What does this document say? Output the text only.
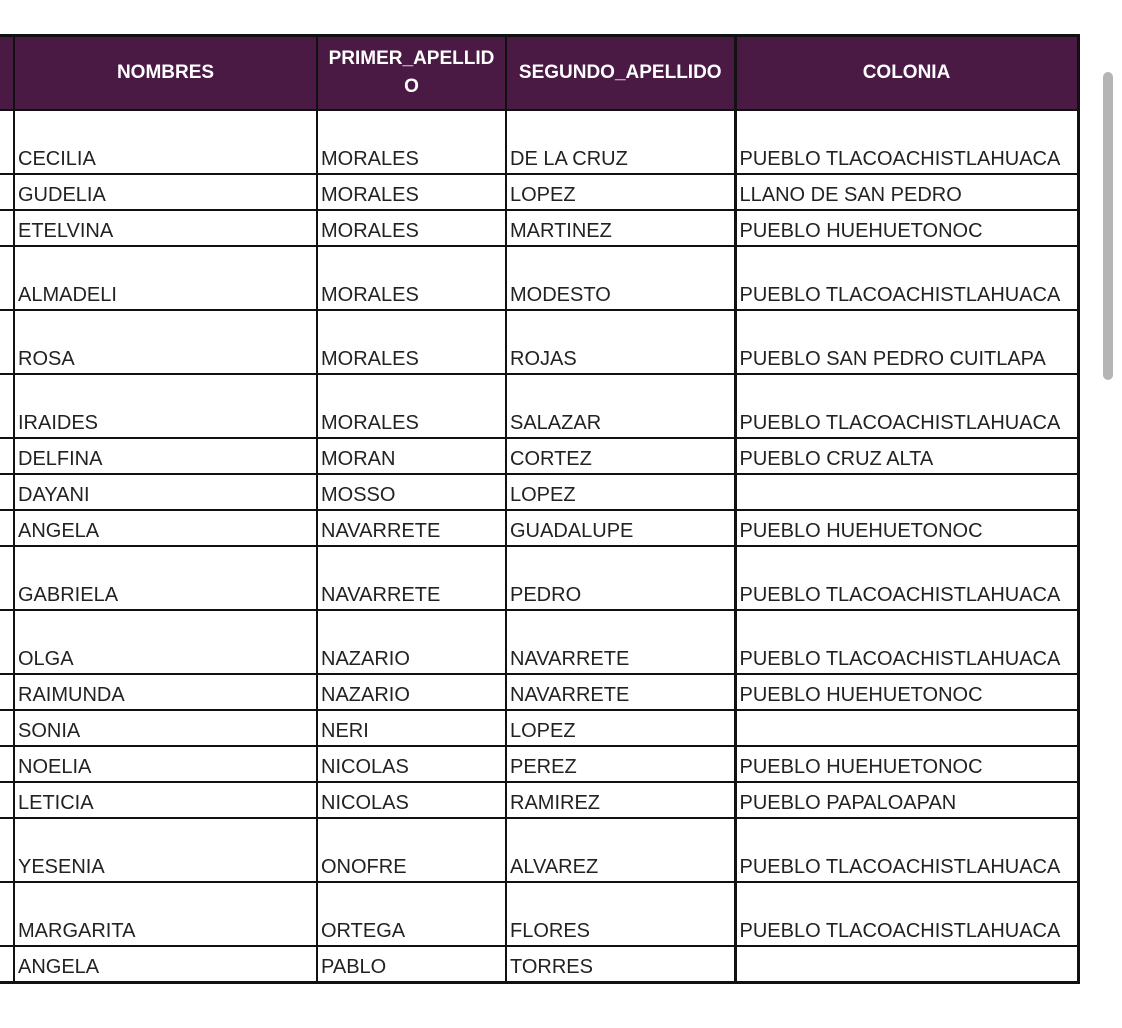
	NOMBRES	PRIMER_APELLIDO	SEGUNDO_APELLIDO	COLONIA
	CECILIA	MORALES	DE LA CRUZ	PUEBLO TLACOACHISTLAHUACA
	GUDELIA	MORALES	LOPEZ	LLANO DE SAN PEDRO
	ETELVINA	MORALES	MARTINEZ	PUEBLO HUEHUETONOC
	ALMADELI	MORALES	MODESTO	PUEBLO TLACOACHISTLAHUACA
	ROSA	MORALES	ROJAS	PUEBLO SAN PEDRO CUITLAPA
	IRAIDES	MORALES	SALAZAR	PUEBLO TLACOACHISTLAHUACA
	DELFINA	MORAN	CORTEZ	PUEBLO CRUZ ALTA
	DAYANI	MOSSO	LOPEZ	
	ANGELA	NAVARRETE	GUADALUPE	PUEBLO HUEHUETONOC
	GABRIELA	NAVARRETE	PEDRO	PUEBLO TLACOACHISTLAHUACA
	OLGA	NAZARIO	NAVARRETE	PUEBLO TLACOACHISTLAHUACA
	RAIMUNDA	NAZARIO	NAVARRETE	PUEBLO HUEHUETONOC
	SONIA	NERI	LOPEZ	
	NOELIA	NICOLAS	PEREZ	PUEBLO HUEHUETONOC
	LETICIA	NICOLAS	RAMIREZ	PUEBLO PAPALOAPAN
	YESENIA	ONOFRE	ALVAREZ	PUEBLO TLACOACHISTLAHUACA
	MARGARITA	ORTEGA	FLORES	PUEBLO TLACOACHISTLAHUACA
	ANGELA	PABLO	TORRES	
